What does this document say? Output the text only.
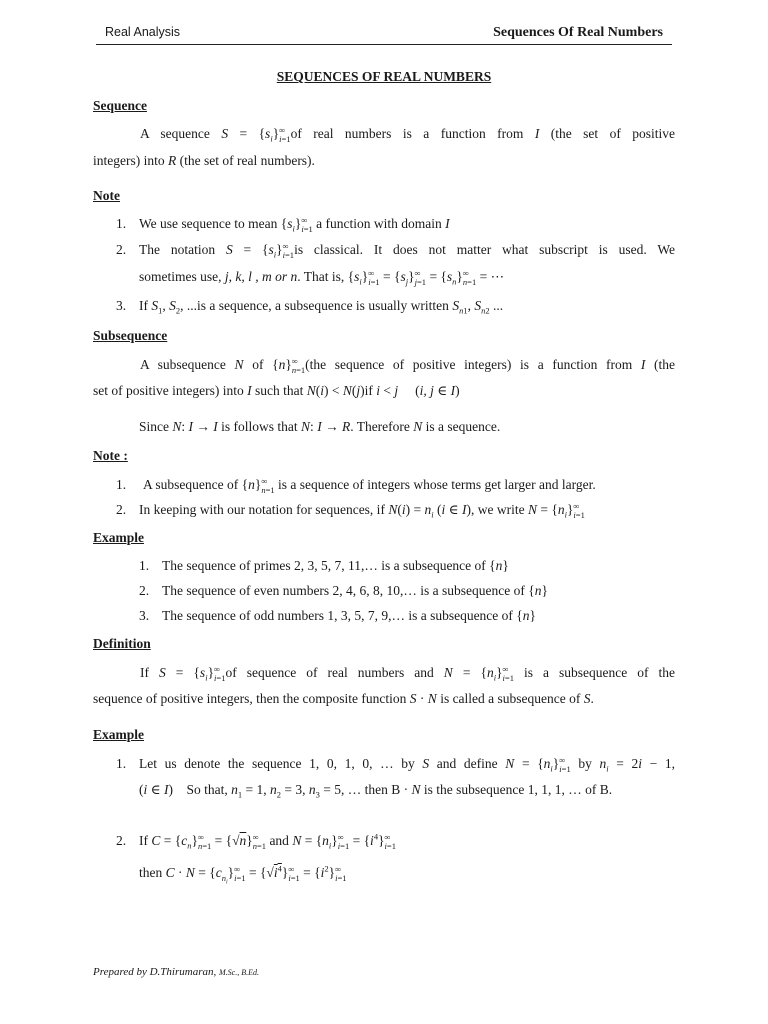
Real Analysis	Sequences Of Real Numbers
SEQUENCES OF REAL NUMBERS
Sequence
A sequence $S = \{s_i\}\infty$
i=1of real numbers is a function from I (the set of positive
integers) into R (the set of real numbers).
Note
1. We use sequence to mean $\{s_i\}\infty$
i=1 a function with domain I
2. The notation $S = \{s_i\}\infty$
i=1is classical. It does not matter what subscript is used. We
sometimes use, j, k, l , m or n. That is, $\{s_i\}\infty$
$i=1 = \{s_j\}\infty$
$j=1 = \{s_n\}\infty$
n=1 = ⋯
3. If $S_1$, $S_2$, ...is a sequence, a subsequence is usually written $S_{n1}$, $S_{n2}$ ...
Subsequence
A subsequence N of {n}∞
n=1(the sequence of positive integers) is a function from I (the
set of positive integers) into I such that N(i) < N(j)if i < j     (i, j ∈ I)
Since N: I → I is follows that N: I → R. Therefore N is a sequence.
Note :
1. A subsequence of {n}∞
n=1 is a sequence of integers whose terms get larger and larger.
2. In keeping with our notation for sequences, if $N(i) = n_i$ (i ∈ I), we write $N = \{n_i\}\infty$
i=1
Example
1. The sequence of primes 2, 3, 5, 7, 11,… is a subsequence of {n}
2. The sequence of even numbers 2, 4, 6, 8, 10,… is a subsequence of {n}
3. The sequence of odd numbers 1, 3, 5, 7, 9,… is a subsequence of {n}
Definition
If $S = \{s_i\}\infty$
i=1of sequence of real numbers and $N = \{n_i\}\infty$
i=1 is a subsequence of the
sequence of positive integers, then the composite function S · N is called a subsequence of S.
Example
1. Let us denote the sequence 1, 0, 1, 0, … by S and define $N = \{n_i\}\infty$
i=1 by $n_i = 2i - 1$,
(i ∈ I)    So that, $n_1 = 1$, $n_2 = 3$, $n_3 = 5$, … then B · N is the subsequence 1, 1, 1, … of B.
2. If $C = \{c_n\}\infty$
n=1 = {√n}∞
n=1 and $N = \{n_i\}\infty$
$i=1 = \{i^4\}\infty$
i=1
then $C \cdot N = \{c_{n_i}\}\infty$
$i=1 = \{√i^4\}\infty$
$i=1 = \{i^2\}\infty$
i=1
Prepared by D.Thirumaran, M.Sc., B.Ed.
